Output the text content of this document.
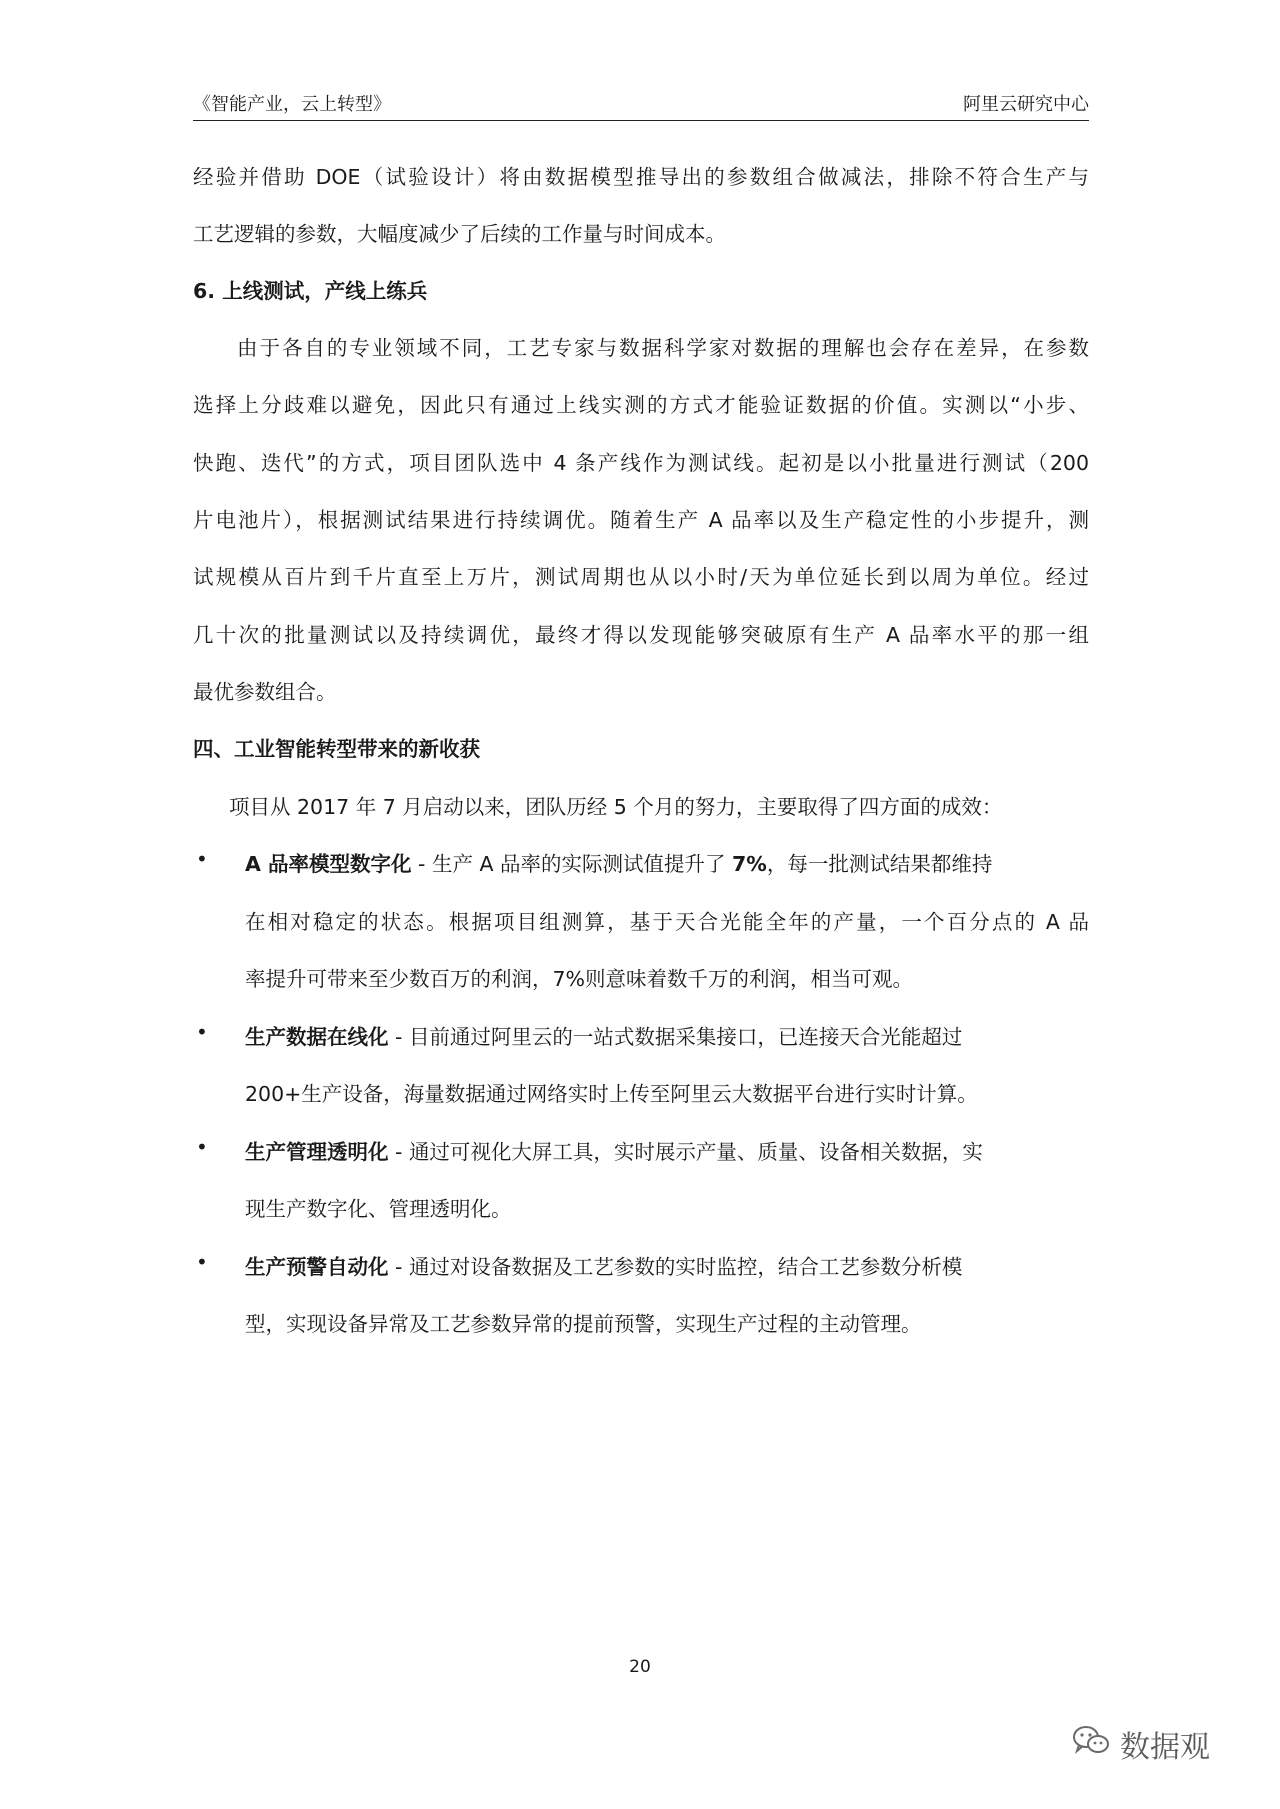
《智能产业，云上转型》	阿里云研究中心
经验并借助 DOE（试验设计）将由数据模型推导出的参数组合做减法，排除不符合生产与
工艺逻辑的参数，大幅度减少了后续的工作量与时间成本。
6. 上线测试，产线上练兵
由于各自的专业领域不同，工艺专家与数据科学家对数据的理解也会存在差异，在参数
选择上分歧难以避免，因此只有通过上线实测的方式才能验证数据的价值。实测以“小步、
快跑、迭代”的方式，项目团队选中 4 条产线作为测试线。起初是以小批量进行测试（200
片电池片），根据测试结果进行持续调优。随着生产 A 品率以及生产稳定性的小步提升，测
试规模从百片到千片直至上万片，测试周期也从以小时/天为单位延长到以周为单位。经过
几十次的批量测试以及持续调优，最终才得以发现能够突破原有生产 A 品率水平的那一组
最优参数组合。
四、工业智能转型带来的新收获
项目从 2017 年 7 月启动以来，团队历经 5 个月的努力，主要取得了四方面的成效：
• A 品率模型数字化 - 生产 A 品率的实际测试值提升了 7%，每一批测试结果都维持
在相对稳定的状态。根据项目组测算，基于天合光能全年的产量，一个百分点的 A 品
率提升可带来至少数百万的利润，7%则意味着数千万的利润，相当可观。
• 生产数据在线化 - 目前通过阿里云的一站式数据采集接口，已连接天合光能超过
200+生产设备，海量数据通过网络实时上传至阿里云大数据平台进行实时计算。
• 生产管理透明化 - 通过可视化大屏工具，实时展示产量、质量、设备相关数据，实
现生产数字化、管理透明化。
• 生产预警自动化 - 通过对设备数据及工艺参数的实时监控，结合工艺参数分析模
型，实现设备异常及工艺参数异常的提前预警，实现生产过程的主动管理。
20
数据观
